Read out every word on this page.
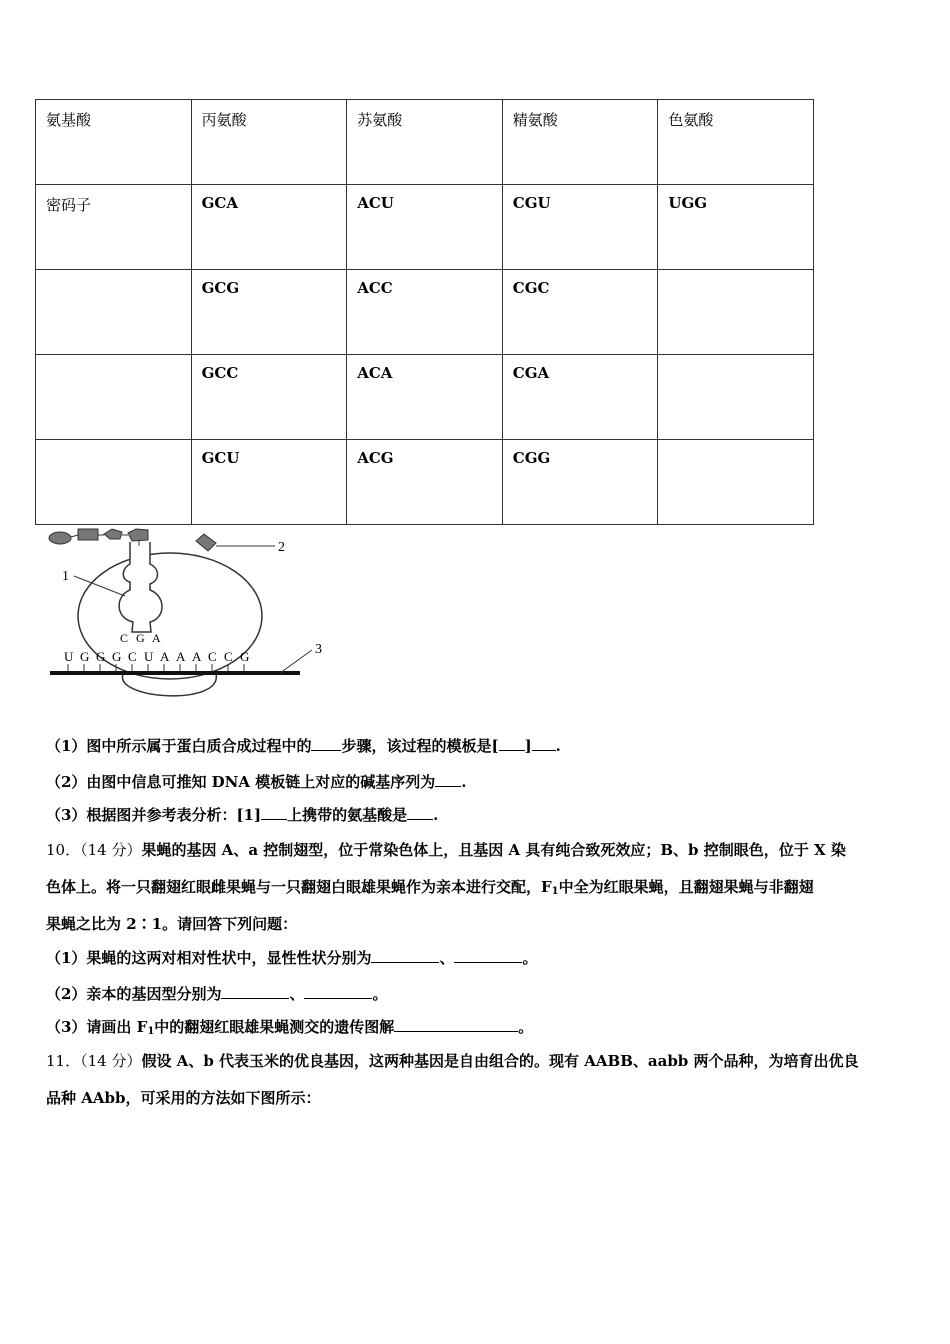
氨基酸	丙氨酸	苏氨酸	精氨酸	色氨酸
密码子	GCA	ACU	CGU	UGG
	GCG	ACC	CGC	
	GCC	ACA	CGA	
	GCU	ACG	CGG	
2
1
C G A
U G G G C U A A A C C G	3
（1）图中所示属于蛋白质合成过程中的 步骤，该过程的模板是[ ] .
（2）由图中信息可推知 DNA 模板链上对应的碱基序列为 .
（3）根据图并参考表分析：[1] 上携带的氨基酸是 .
10．（14 分）果蝇的基因 A、a 控制翅型，位于常染色体上，且基因 A 具有纯合致死效应；B、b 控制眼色，位于 X 染
色体上。将一只翻翅红眼雌果蝇与一只翻翅白眼雄果蝇作为亲本进行交配，$F_1$中全为红眼果蝇，且翻翅果蝇与非翻翅
果蝇之比为 2∶1。请回答下列问题：
（1）果蝇的这两对相对性状中，显性性状分别为	、	。
（2）亲本的基因型分别为	、	。
（3）请画出 $F_1$中的翻翅红眼雄果蝇测交的遗传图解	。
11．（14 分）假设 A、b 代表玉米的优良基因，这两种基因是自由组合的。现有 AABB、aabb 两个品种，为培育出优良
品种 AAbb，可采用的方法如下图所示：
